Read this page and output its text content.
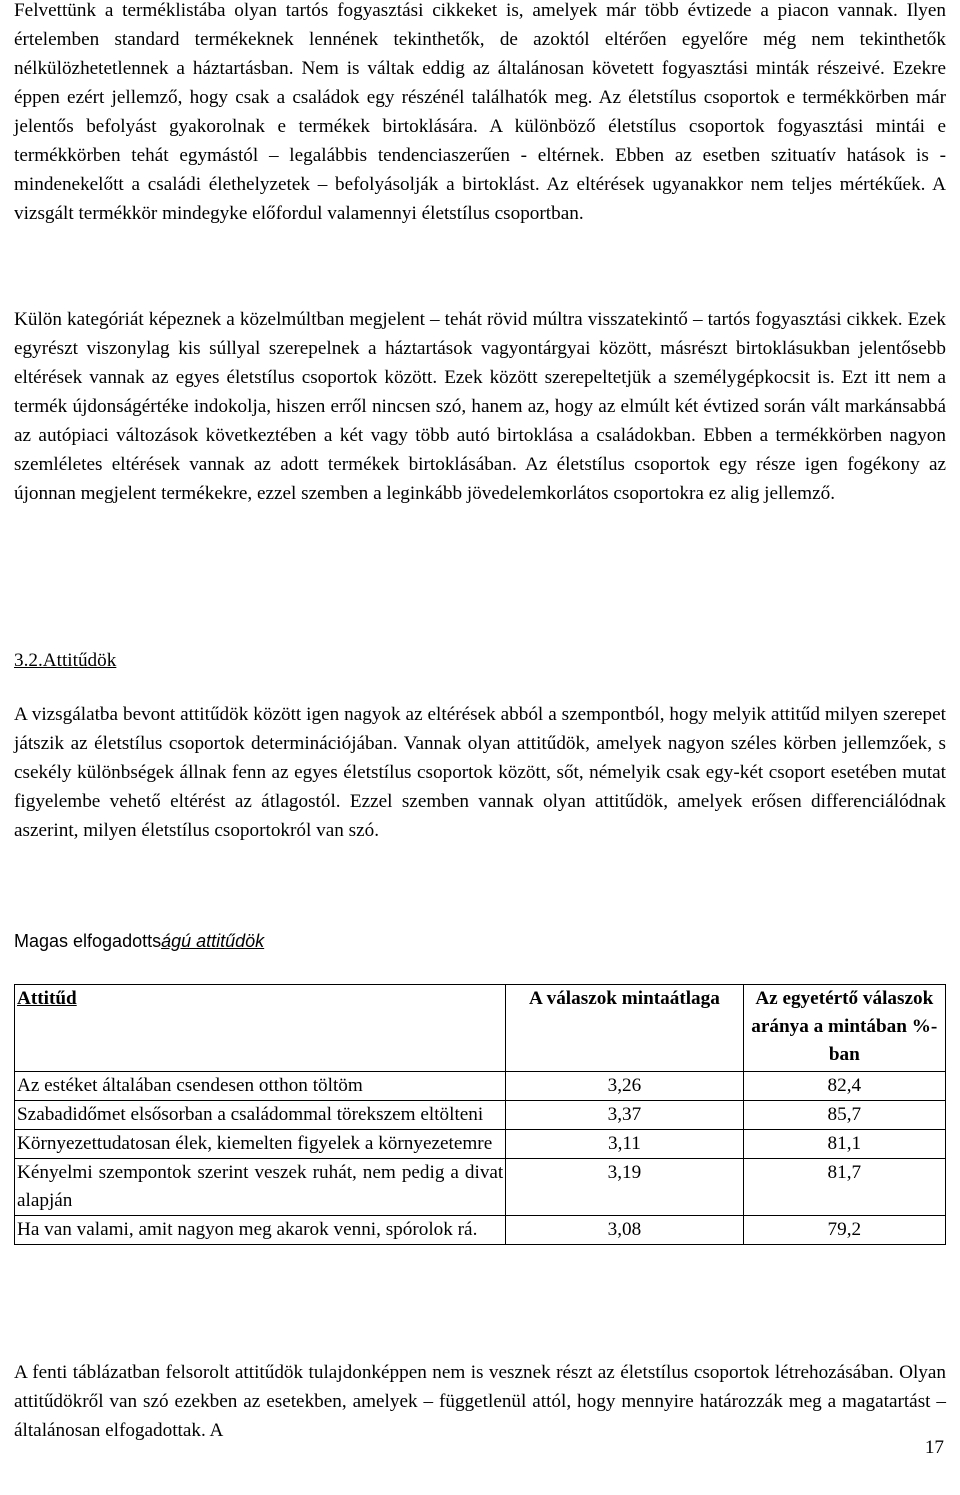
Felvettünk a terméklistába olyan tartós fogyasztási cikkeket is, amelyek már több évtizede a piacon vannak. Ilyen értelemben standard termékeknek lennének tekinthetők, de azoktól eltérően egyelőre még nem tekinthetők nélkülözhetetlennek a háztartásban. Nem is váltak eddig az általánosan követett fogyasztási minták részeivé. Ezekre éppen ezért jellemző, hogy csak a családok egy részénél találhatók meg. Az életstílus csoportok e termékkörben már jelentős befolyást gyakorolnak e termékek birtoklására. A különböző életstílus csoportok fogyasztási mintái e termékkörben tehát egymástól – legalábbis tendenciaszerűen - eltérnek. Ebben az esetben szituatív hatások is - mindenekelőtt a családi élethelyzetek – befolyásolják a birtoklást. Az eltérések ugyanakkor nem teljes mértékűek. A vizsgált termékkör mindegyke előfordul valamennyi életstílus csoportban.

Külön kategóriát képeznek a közelmúltban megjelent – tehát rövid múltra visszatekintő – tartós fogyasztási cikkek. Ezek egyrészt viszonylag kis súllyal szerepelnek a háztartások vagyontárgyai között, másrészt birtoklásukban jelentősebb eltérések vannak az egyes életstílus csoportok között. Ezek között szerepeltetjük a személygépkocsit is. Ezt itt nem a termék újdonságértéke indokolja, hiszen erről nincsen szó, hanem az, hogy az elmúlt két évtized során vált markánsabbá az autópiaci változások következtében a két vagy több autó birtoklása a családokban. Ebben a termékkörben nagyon szemléletes eltérések vannak az adott termékek birtoklásában. Az életstílus csoportok egy része igen fogékony az újonnan megjelent termékekre, ezzel szemben a leginkább jövedelemkorlátos csoportokra ez alig jellemző.

3.2.Attitűdök

A vizsgálatba bevont attitűdök között igen nagyok az eltérések abból a szempontból, hogy melyik attitűd milyen szerepet játszik az életstílus csoportok determinációjában. Vannak olyan attitűdök, amelyek nagyon széles körben jellemzőek, s csekély különbségek állnak fenn az egyes életstílus csoportok között, sőt, némelyik csak egy-két csoport esetében mutat figyelembe vehető eltérést az átlagostól. Ezzel szemben vannak olyan attitűdök, amelyek erősen differenciálódnak aszerint, milyen életstílus csoportokról van szó.

Magas elfogadottságú attitűdök

Attitűd	A válaszok mintaátlaga	Az egyetértő válaszok aránya a mintában %-ban
Az estéket általában csendesen otthon töltöm	3,26	82,4
Szabadidőmet elsősorban a családommal törekszem eltölteni	3,37	85,7
Környezettudatosan élek, kiemelten figyelek a környezetemre	3,11	81,1
Kényelmi szempontok szerint veszek ruhát, nem pedig a divat alapján	3,19	81,7
Ha van valami, amit nagyon meg akarok venni, spórolok rá.	3,08	79,2

A fenti táblázatban felsorolt attitűdök tulajdonképpen nem is vesznek részt az életstílus csoportok létrehozásában. Olyan attitűdökről van szó ezekben az esetekben, amelyek – függetlenül attól, hogy mennyire határozzák meg a magatartást – általánosan elfogadottak. A

17
